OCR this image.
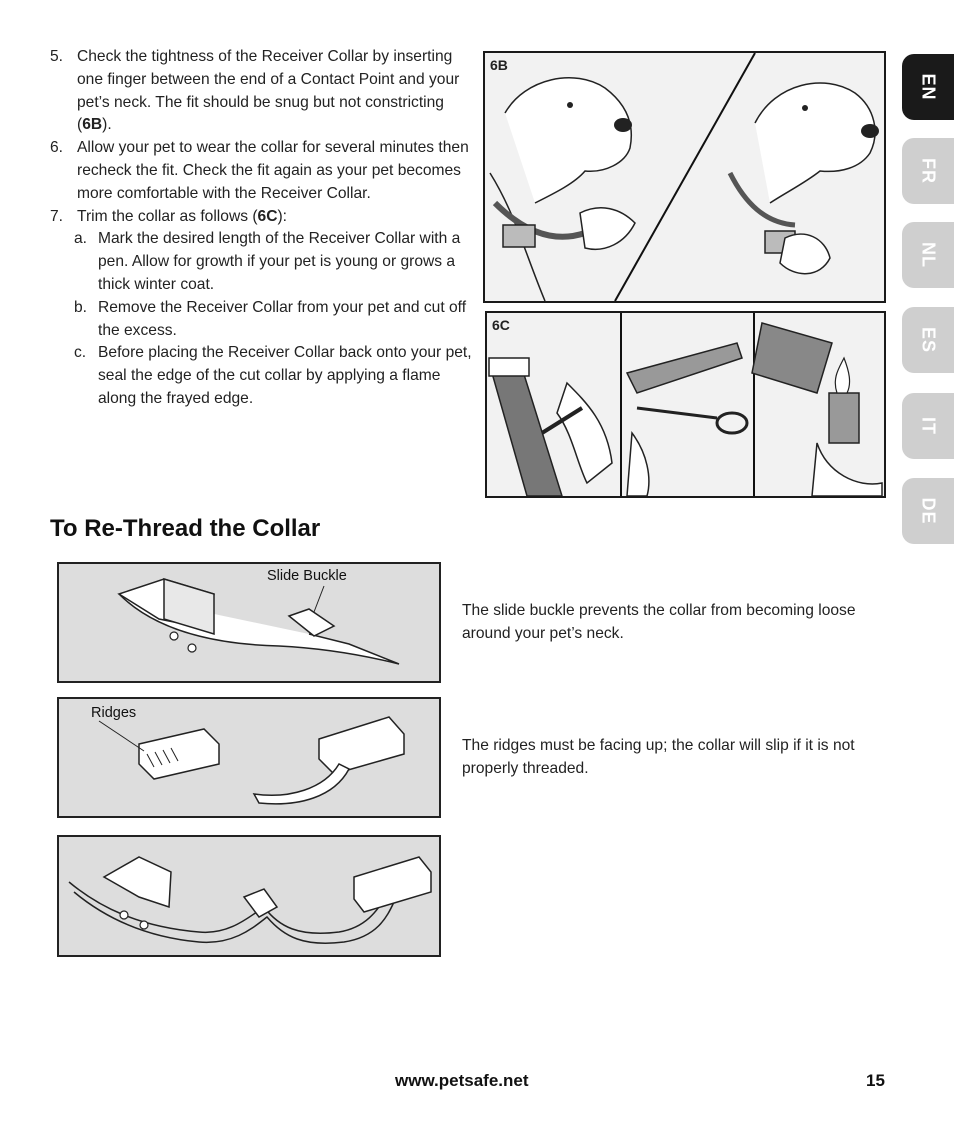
5. Check the tightness of the Receiver Collar by inserting one finger between the end of a Contact Point and your pet’s neck. The fit should be snug but not constricting (6B).
6. Allow your pet to wear the collar for several minutes then recheck the fit. Check the fit again as your pet becomes more comfortable with the Receiver Collar.
7. Trim the collar as follows (6C):
a. Mark the desired length of the Receiver Collar with a pen. Allow for growth if your pet is young or grows a thick winter coat.
b. Remove the Receiver Collar from your pet and cut off the excess.
c. Before placing the Receiver Collar back onto your pet, seal the edge of the cut collar by applying a flame along the frayed edge.
6B
6C
EN
FR
NL
ES
IT
DE
To Re-Thread the Collar
Slide Buckle
The slide buckle prevents the collar from becoming loose around your pet’s neck.
Ridges
The ridges must be facing up; the collar will slip if it is not properly threaded.
www.petsafe.net	15
